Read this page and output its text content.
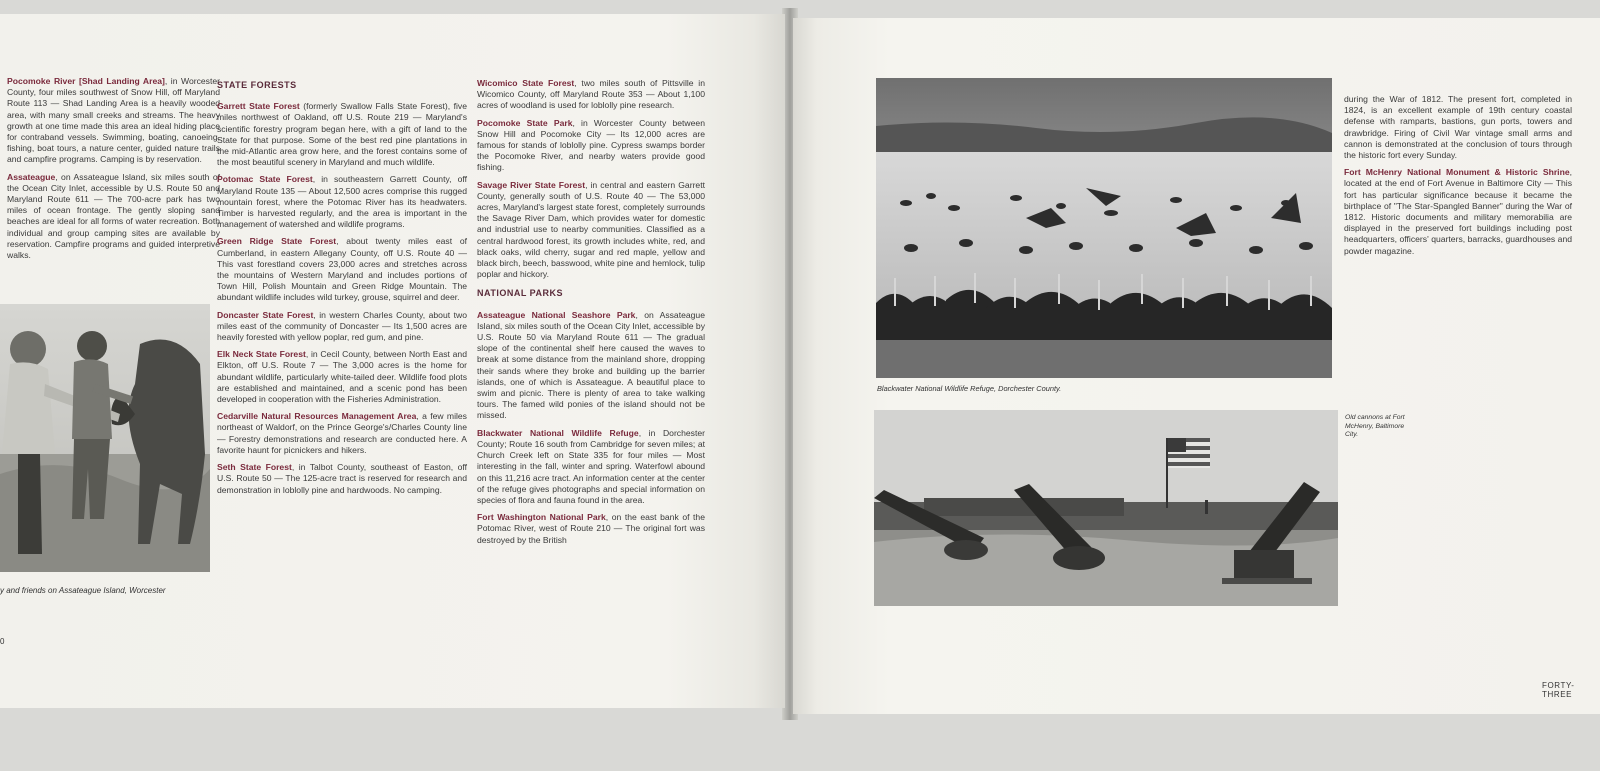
Pocomoke River [Shad Landing Area], in Worcester County, four miles southwest of Snow Hill, off Maryland Route 113 — Shad Landing Area is a heavily wooded area, with many small creeks and streams. The heavy growth at one time made this area an ideal hiding place for contraband vessels. Swimming, boating, canoeing, fishing, boat tours, a nature center, guided nature trails and campfire programs. Camping is by reservation.

Assateague, on Assateague Island, six miles south of the Ocean City Inlet, accessible by U.S. Route 50 and Maryland Route 611 — The 700-acre park has two miles of ocean frontage. The gently sloping sand beaches are ideal for all forms of water recreation. Both individual and group camping sites are available by reservation. Campfire programs and guided interpretive walks.

y and friends on Assateague Island, Worcester
0
STATE FORESTS

Garrett State Forest (formerly Swallow Falls State Forest), five miles northwest of Oakland, off U.S. Route 219 — Maryland's scientific forestry program began here, with a gift of land to the State for that purpose. Some of the best red pine plantations in the mid-Atlantic area grow here, and the forest contains some of the most beautiful scenery in Maryland and much wildlife.

Potomac State Forest, in southeastern Garrett County, off Maryland Route 135 — About 12,500 acres comprise this rugged mountain forest, where the Potomac River has its headwaters. Timber is harvested regularly, and the area is important in the management of watershed and wildlife programs.

Green Ridge State Forest, about twenty miles east of Cumberland, in eastern Allegany County, off U.S. Route 40 — This vast forestland covers 23,000 acres and stretches across the mountains of Western Maryland and includes portions of Town Hill, Polish Mountain and Green Ridge Mountain. The abundant wildlife includes wild turkey, grouse, squirrel and deer.

Doncaster State Forest, in western Charles County, about two miles east of the community of Doncaster — Its 1,500 acres are heavily forested with yellow poplar, red gum, and pine.

Elk Neck State Forest, in Cecil County, between North East and Elkton, off U.S. Route 7 — The 3,000 acres is the home for abundant wildlife, particularly white-tailed deer. Wildlife food plots are established and maintained, and a scenic pond has been developed in cooperation with the Fisheries Administration.

Cedarville Natural Resources Management Area, a few miles northeast of Waldorf, on the Prince George's/Charles County line — Forestry demonstrations and research are conducted here. A favorite haunt for picnickers and hikers.

Seth State Forest, in Talbot County, southeast of Easton, off U.S. Route 50 — The 125-acre tract is reserved for research and demonstration in loblolly pine and hardwoods. No camping.

Wicomico State Forest, two miles south of Pittsville in Wicomico County, off Maryland Route 353 — About 1,100 acres of woodland is used for loblolly pine research.

Pocomoke State Park, in Worcester County between Snow Hill and Pocomoke City — Its 12,000 acres are famous for stands of loblolly pine. Cypress swamps border the Pocomoke River, and nearby waters provide good fishing.

Savage River State Forest, in central and eastern Garrett County, generally south of U.S. Route 40 — The 53,000 acres, Maryland's largest state forest, completely surrounds the Savage River Dam, which provides water for domestic and industrial use to nearby communities. Classified as a central hardwood forest, its growth includes white, red, and black oaks, wild cherry, sugar and red maple, yellow and black birch, beech, basswood, white pine and hemlock, tulip poplar and hickory.

NATIONAL PARKS

Assateague National Seashore Park, on Assateague Island, six miles south of the Ocean City Inlet, accessible by U.S. Route 50 via Maryland Route 611 — The gradual slope of the continental shelf here caused the waves to break at some distance from the mainland shore, dropping their sands where they broke and building up the barrier islands, one of which is Assateague. A beautiful place to swim and picnic. There is plenty of area to take walking tours. The famed wild ponies of the island should not be missed.

Blackwater National Wildlife Refuge, in Dorchester County; Route 16 south from Cambridge for seven miles; at Church Creek left on State 335 for four miles — Most interesting in the fall, winter and spring. Waterfowl abound on this 11,216 acre tract. An information center at the center of the refuge gives photographs and special information on species of flora and fauna found in the area.

Fort Washington National Park, on the east bank of the Potomac River, west of Route 210 — The original fort was destroyed by the British

Blackwater National Wildlife Refuge, Dorchester County.
Old cannons at Fort McHenry, Baltimore City.

during the War of 1812. The present fort, completed in 1824, is an excellent example of 19th century coastal defense with ramparts, bastions, gun ports, towers and drawbridge. Firing of Civil War vintage small arms and cannon is demonstrated at the conclusion of tours through the historic fort every Sunday.

Fort McHenry National Monument & Historic Shrine, located at the end of Fort Avenue in Baltimore City — This fort has particular significance because it became the birthplace of "The Star-Spangled Banner" during the War of 1812. Historic documents and military memorabilia are displayed in the preserved fort buildings including post headquarters, officers' quarters, barracks, guardhouses and powder magazine.

FORTY-THREE
